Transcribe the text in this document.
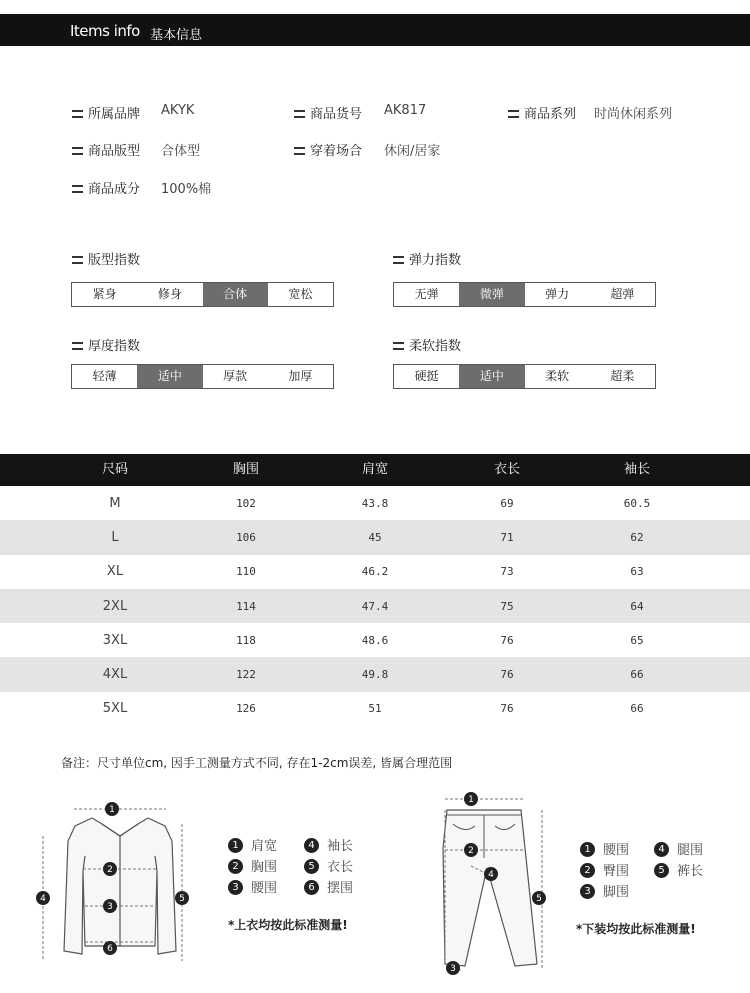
Items info 基本信息
所属品牌 AKYK	商品货号 AK817	商品系列 时尚休闲系列
商品版型 合体型	穿着场合 休闲/居家
商品成分 100%棉
版型指数
紧身	修身	合体	宽松
弹力指数
无弹	微弹	弹力	超弹
厚度指数
轻薄	适中	厚款	加厚
柔软指数
硬挺	适中	柔软	超柔
尺码	胸围	肩宽	衣长	袖长
M	102	43.8	69	60.5
L	106	45	71	62
XL	110	46.2	73	63
2XL	114	47.4	75	64
3XL	118	48.6	76	65
4XL	122	49.8	76	66
5XL	126	51	76	66
备注：尺寸单位cm, 因手工测量方式不同, 存在1-2cm误差, 皆属合理范围
1
2
3
4	5
6
1 肩宽
2 胸围
3 腰围
4 袖长
5 衣长
6 摆围
*上衣均按此标准测量!
1
2
3
4
5
1 腰围
2 臀围
3 脚围
4 腿围
5 裤长
*下装均按此标准测量!
